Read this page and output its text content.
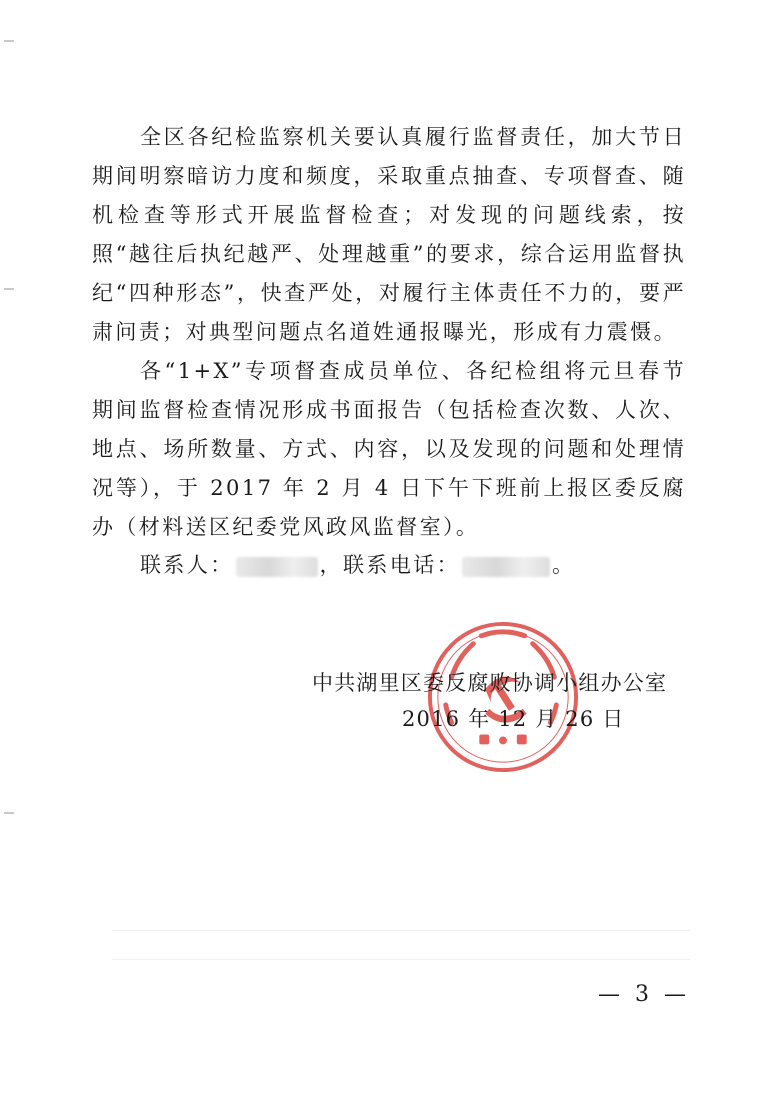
全区各纪检监察机关要认真履行监督责任，加大节日期间明察暗访力度和频度，采取重点抽查、专项督查、随机检查等形式开展监督检查；对发现的问题线索，按照“越往后执纪越严、处理越重”的要求，综合运用监督执纪“四种形态”，快查严处，对履行主体责任不力的，要严肃问责；对典型问题点名道姓通报曝光，形成有力震慑。

各“1+X”专项督查成员单位、各纪检组将元旦春节期间监督检查情况形成书面报告（包括检查次数、人次、地点、场所数量、方式、内容，以及发现的问题和处理情况等），于 2017 年 2 月 4 日下午下班前上报区委反腐办（材料送区纪委党风政风监督室）。

联系人：	，联系电话：	。
中共湖里区委反腐败协调小组办公室
2016 年 12 月 26 日
— 3 —
